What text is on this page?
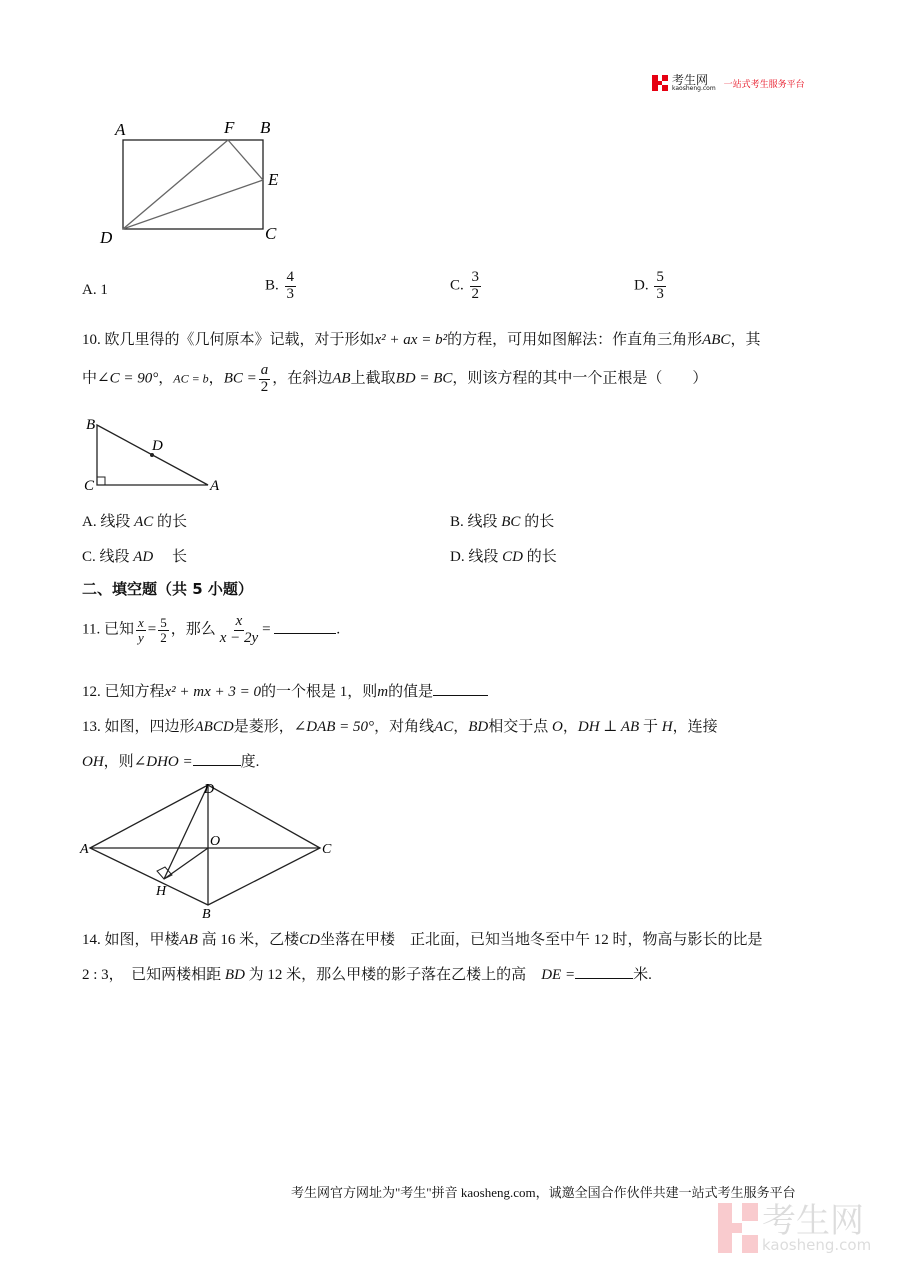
考生网
kaosheng.com 一站式考生服务平台
A	F B
E
D	C
A. 1	B. $\frac{4}{3}$	C. $\frac{3}{2}$	D. $\frac{5}{3}$
10. 欧几里得的《几何原本》记载，对于形如x² + ax = b²的方程，可用如图解法：作直角三角形ABC，其
中∠C = 90°，AC = b，BC = $\frac{a}{2}$ ，在斜边AB上截取BD = BC，则该方程的其中一个正根是（　　）
B
D
C	A
A. 线段 AC 的长	B. 线段 BC 的长
C. 线段 AD 　长	D. 线段 CD 的长
二、填空题（共 5 小题）
11. 已知 $\frac{x}{y} = \frac{5}{2}$ ，那么 $\frac{x}{x - 2y}$ =	.
12. 已知方程x² + mx + 3 = 0的一个根是 1，则m的值是
13. 如图，四边形ABCD是菱形，∠DAB = 50°，对角线AC，BD相交于点 O，DH ⊥ AB 于 H，连接
OH，则∠DHO =	度.
D
A
O
C
H
B
14. 如图，甲楼AB 高 16 米，乙楼CD坐落在甲楼　正北面，已知当地冬至中午 12 时，物高与影长的比是
2 : 3，　已知两楼相距 BD 为 12 米，那么甲楼的影子落在乙楼上的高　 DE =	米.
考生网官方网址为"考生"拼音 kaosheng.com，诚邀全国合作伙伴共建一站式考生服务平台
考生网
kaosheng.com
